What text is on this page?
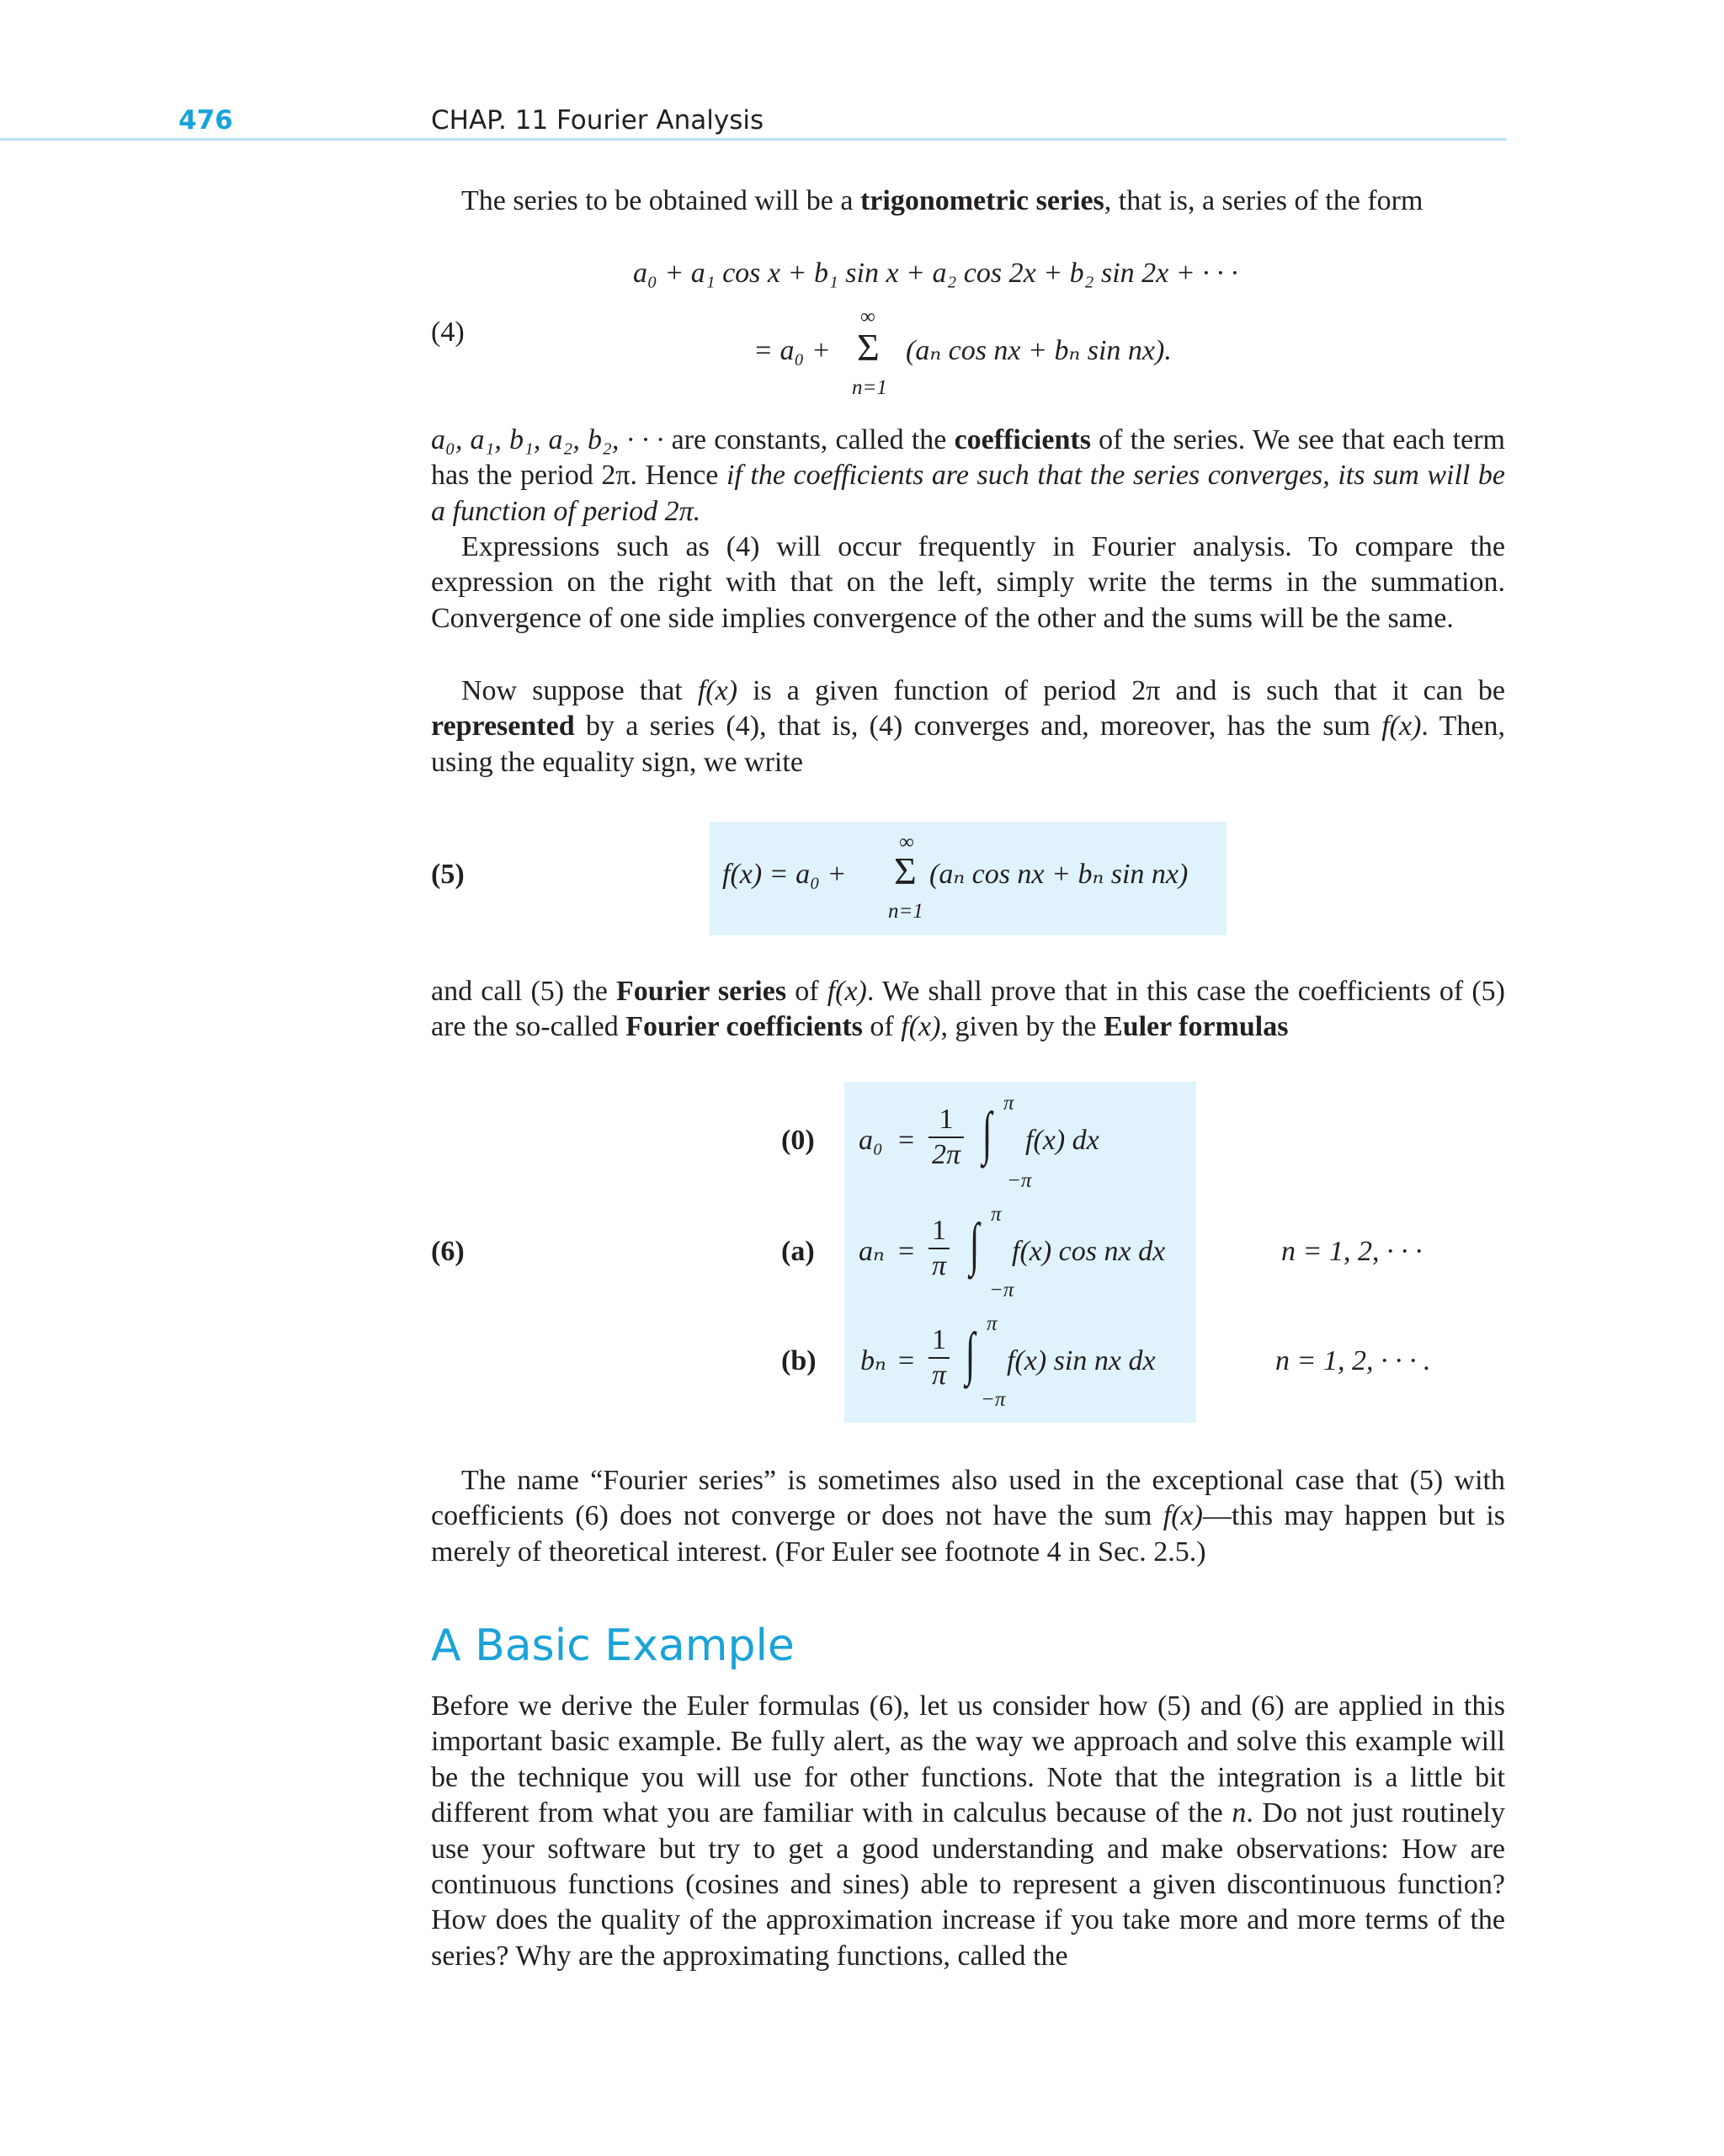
476	CHAP. 11 Fourier Analysis

The series to be obtained will be a trigonometric series, that is, a series of the form

(4)
a₀ + a₁ cos x + b₁ sin x + a₂ cos 2x + b₂ sin 2x + · · ·
= a₀ +
∞
Σ
n=1
(aₙ cos nx + bₙ sin nx).

a₀, a₁, b₁, a₂, b₂, · · · are constants, called the coefficients of the series. We see that each term has the period 2π. Hence if the coefficients are such that the series converges, its sum will be a function of period 2π.

Expressions such as (4) will occur frequently in Fourier analysis. To compare the expression on the right with that on the left, simply write the terms in the summation. Convergence of one side implies convergence of the other and the sums will be the same.

Now suppose that f(x) is a given function of period 2π and is such that it can be represented by a series (4), that is, (4) converges and, moreover, has the sum f(x). Then, using the equality sign, we write

(5)	f(x) = a₀ +
∞
Σ
n=1
(aₙ cos nx + bₙ sin nx)

and call (5) the Fourier series of f(x). We shall prove that in this case the coefficients of (5) are the so-called Fourier coefficients of f(x), given by the Euler formulas

(6)
(0) $a_0 = \frac{1}{2\pi}$ ∫ π
−π
f(x) dx
(a) $a_n = \frac{1}{\pi}$ ∫ π
−π
f(x) cos nx dx	n = 1, 2, · · ·
(b) $b_n = \frac{1}{\pi}$ ∫ π
−π
f(x) sin nx dx	n = 1, 2, · · · .

The name “Fourier series” is sometimes also used in the exceptional case that (5) with coefficients (6) does not converge or does not have the sum f(x)—this may happen but is merely of theoretical interest. (For Euler see footnote 4 in Sec. 2.5.)

A Basic Example

Before we derive the Euler formulas (6), let us consider how (5) and (6) are applied in this important basic example. Be fully alert, as the way we approach and solve this example will be the technique you will use for other functions. Note that the integration is a little bit different from what you are familiar with in calculus because of the n. Do not just routinely use your software but try to get a good understanding and make observations: How are continuous functions (cosines and sines) able to represent a given discontinuous function? How does the quality of the approximation increase if you take more and more terms of the series? Why are the approximating functions, called the
